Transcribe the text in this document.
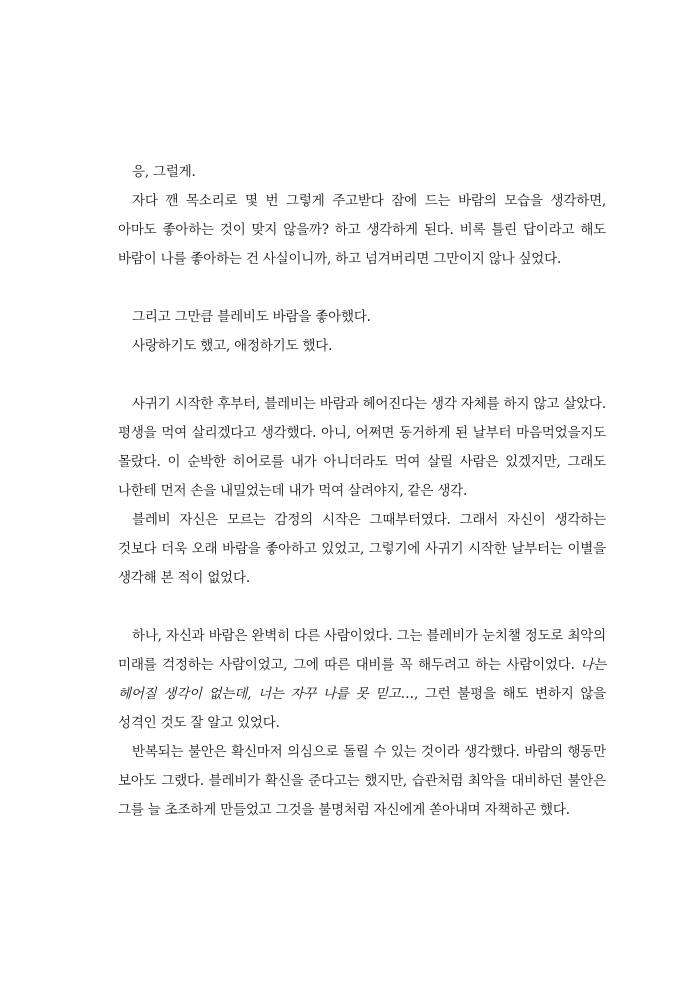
응, 그럴게.

자다 깬 목소리로 몇 번 그렇게 주고받다 잠에 드는 바람의 모습을 생각하면, 아마도 좋아하는 것이 맞지 않을까? 하고 생각하게 된다. 비록 틀린 답이라고 해도 바람이 나를 좋아하는 건 사실이니까, 하고 넘겨버리면 그만이지 않나 싶었다.

그리고 그만큼 블레비도 바람을 좋아했다.

사랑하기도 했고, 애정하기도 했다.

사귀기 시작한 후부터, 블레비는 바람과 헤어진다는 생각 자체를 하지 않고 살았다. 평생을 먹여 살리겠다고 생각했다. 아니, 어쩌면 동거하게 된 날부터 마음먹었을지도 몰랐다. 이 순박한 히어로를 내가 아니더라도 먹여 살릴 사람은 있겠지만, 그래도 나한테 먼저 손을 내밀었는데 내가 먹여 살려야지, 같은 생각.

블레비 자신은 모르는 감정의 시작은 그때부터였다. 그래서 자신이 생각하는 것보다 더욱 오래 바람을 좋아하고 있었고, 그렇기에 사귀기 시작한 날부터는 이별을 생각해 본 적이 없었다.

하나, 자신과 바람은 완벽히 다른 사람이었다. 그는 블레비가 눈치챌 정도로 최악의 미래를 걱정하는 사람이었고, 그에 따른 대비를 꼭 해두려고 하는 사람이었다. 나는 헤어질 생각이 없는데, 너는 자꾸 나를 못 믿고…, 그런 불평을 해도 변하지 않을 성격인 것도 잘 알고 있었다.

반복되는 불안은 확신마저 의심으로 돌릴 수 있는 것이라 생각했다. 바람의 행동만 보아도 그랬다. 블레비가 확신을 준다고는 했지만, 습관처럼 최악을 대비하던 불안은 그를 늘 초조하게 만들었고 그것을 불명처럼 자신에게 쏟아내며 자책하곤 했다.
